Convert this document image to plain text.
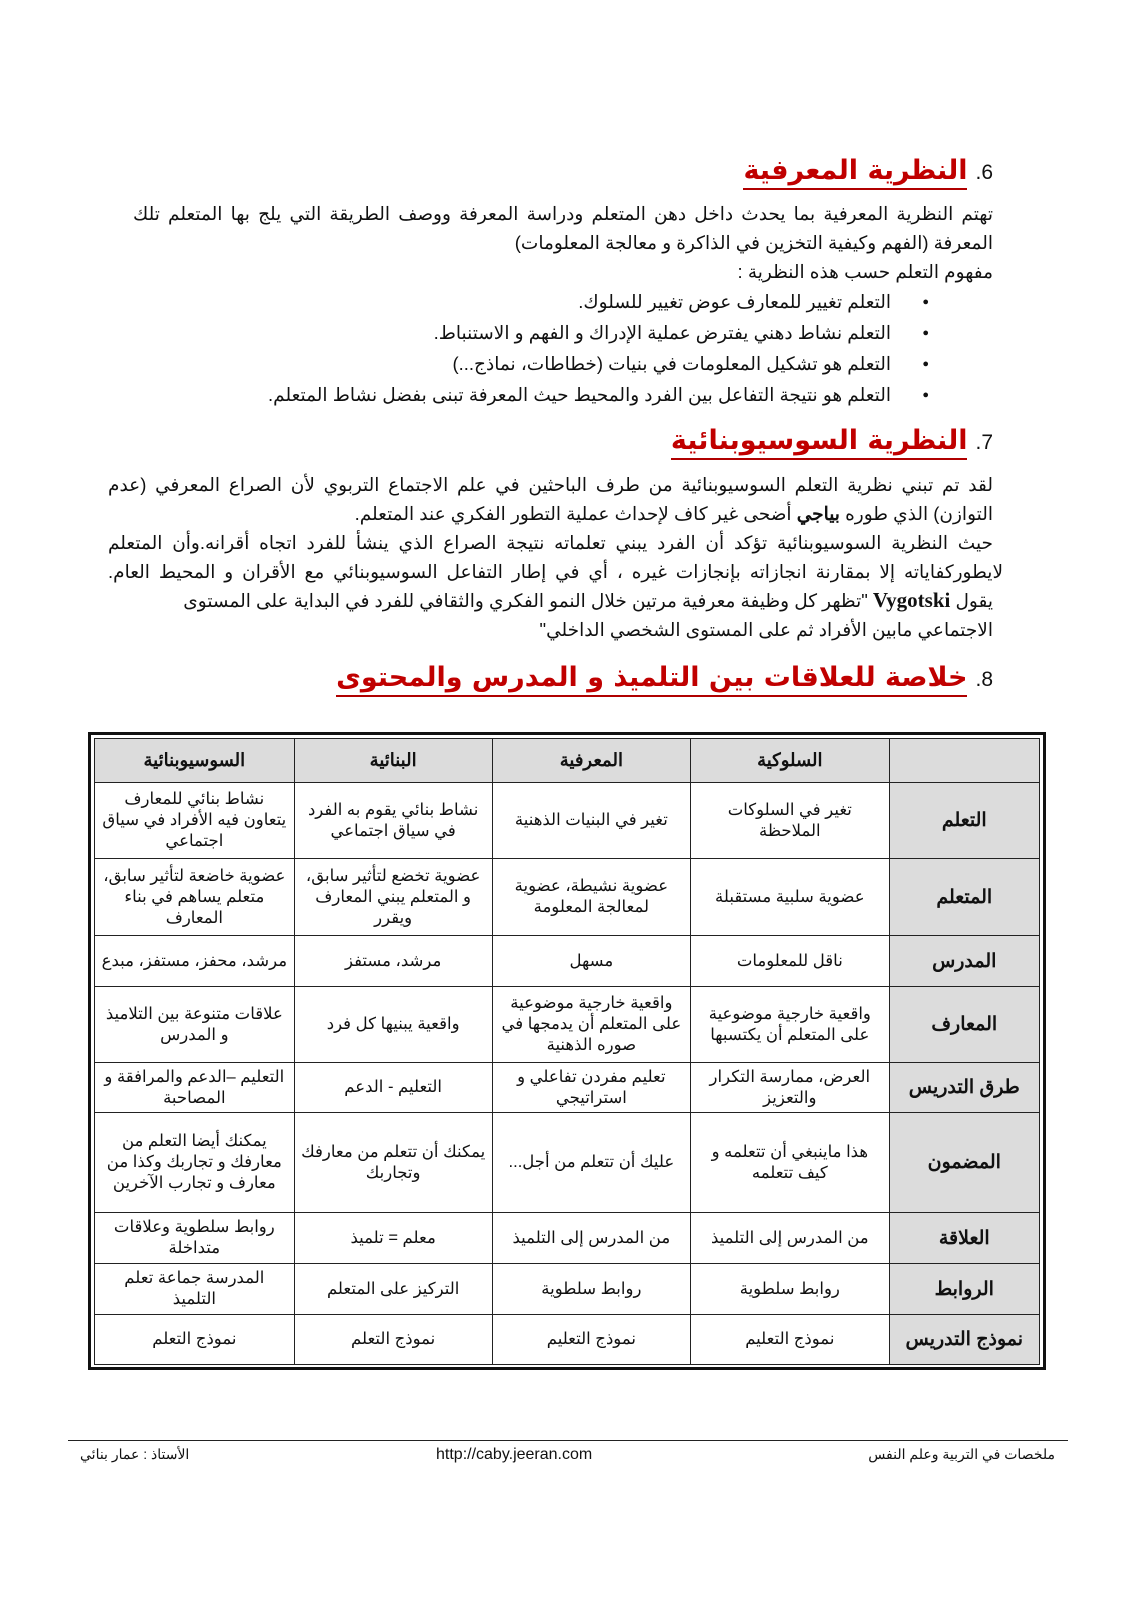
6.
النظرية المعرفية

تهتم النظرية المعرفية بما يحدث داخل دهن المتعلم ودراسة المعرفة ووصف الطريقة التي يلج بها المتعلم تلك

المعرفة (الفهم وكيفية التخزين في الذاكرة و معالجة المعلومات)

مفهوم التعلم حسب هذه النظرية :

● التعلم تغيير للمعارف عوض تغيير للسلوك.
● التعلم نشاط دهني يفترض عملية الإدراك و الفهم و الاستنباط.
● التعلم هو تشكيل المعلومات في بنيات (خطاطات، نماذج...)
● التعلم هو نتيجة التفاعل بين الفرد والمحيط حيث المعرفة تبنى بفضل نشاط المتعلم.
7.
النظرية السوسيوبنائية

لقد تم تبني نظرية التعلم السوسيوبنائية من طرف الباحثين في علم الاجتماع التربوي لأن الصراع المعرفي (عدم

التوازن) الذي طوره بياجي أضحى غير كاف لإحداث عملية التطور الفكري عند المتعلم.

حيث النظرية السوسيوبنائية تؤكد أن الفرد يبني تعلماته نتيجة الصراع الذي ينشأ للفرد اتجاه أقرانه.وأن المتعلم

لايطوركفاياته إلا بمقارنة انجازاته بإنجازات غيره ، أي في إطار التفاعل السوسيوبنائي مع الأقران و المحيط العام.

يقول Vygotski "تظهر كل وظيفة معرفية مرتين خلال النمو الفكري والثقافي للفرد في البداية على المستوى

الاجتماعي مابين الأفراد ثم على المستوى الشخصي الداخلي"

8.
خلاصة للعلاقات بين التلميذ و المدرس والمحتوى
	السلوكية	المعرفية	البنائية	السوسيوبنائية
التعلم	تغير في السلوكات الملاحظة	تغير في البنيات الذهنية	نشاط بنائي يقوم به الفرد في سياق اجتماعي	نشاط بنائي للمعارف يتعاون فيه الأفراد في سياق اجتماعي
المتعلم	عضوية سلبية مستقبلة	عضوية نشيطة، عضوية لمعالجة المعلومة	عضوية تخضع لتأثير سابق، و المتعلم يبني المعارف ويقرر	عضوية خاضعة لتأثير سابق، متعلم يساهم في بناء المعارف
المدرس	ناقل للمعلومات	مسهل	مرشد، مستفز	مرشد، محفز، مستفز، مبدع
المعارف	واقعية خارجية موضوعية على المتعلم أن يكتسبها	واقعية خارجية موضوعية على المتعلم أن يدمجها في صوره الذهنية	واقعية يبنيها كل فرد	علاقات متنوعة بين التلاميذ و المدرس
طرق التدريس	العرض، ممارسة التكرار والتعزيز	تعليم مفردن تفاعلي و استراتيجي	التعليم - الدعم	التعليم –الدعم والمرافقة و المصاحبة
المضمون	هذا ماينبغي أن تتعلمه و كيف تتعلمه	عليك أن تتعلم من أجل...	يمكنك أن تتعلم من معارفك وتجاربك	يمكنك أيضا التعلم من معارفك و تجاربك وكذا من معارف و تجارب الآخرين
العلاقة	من المدرس إلى التلميذ	من المدرس إلى التلميذ	معلم = تلميذ	روابط سلطوية وعلاقات متداخلة
الروابط	روابط سلطوية	روابط سلطوية	التركيز على المتعلم	المدرسة جماعة تعلم التلميذ
نموذج التدريس	نموذج التعليم	نموذج التعليم	نموذج التعلم	نموذج التعلم
ملخصات في التربية وعلم النفس
http://caby.jeeran.com
الأستاذ : عمار بنائي
